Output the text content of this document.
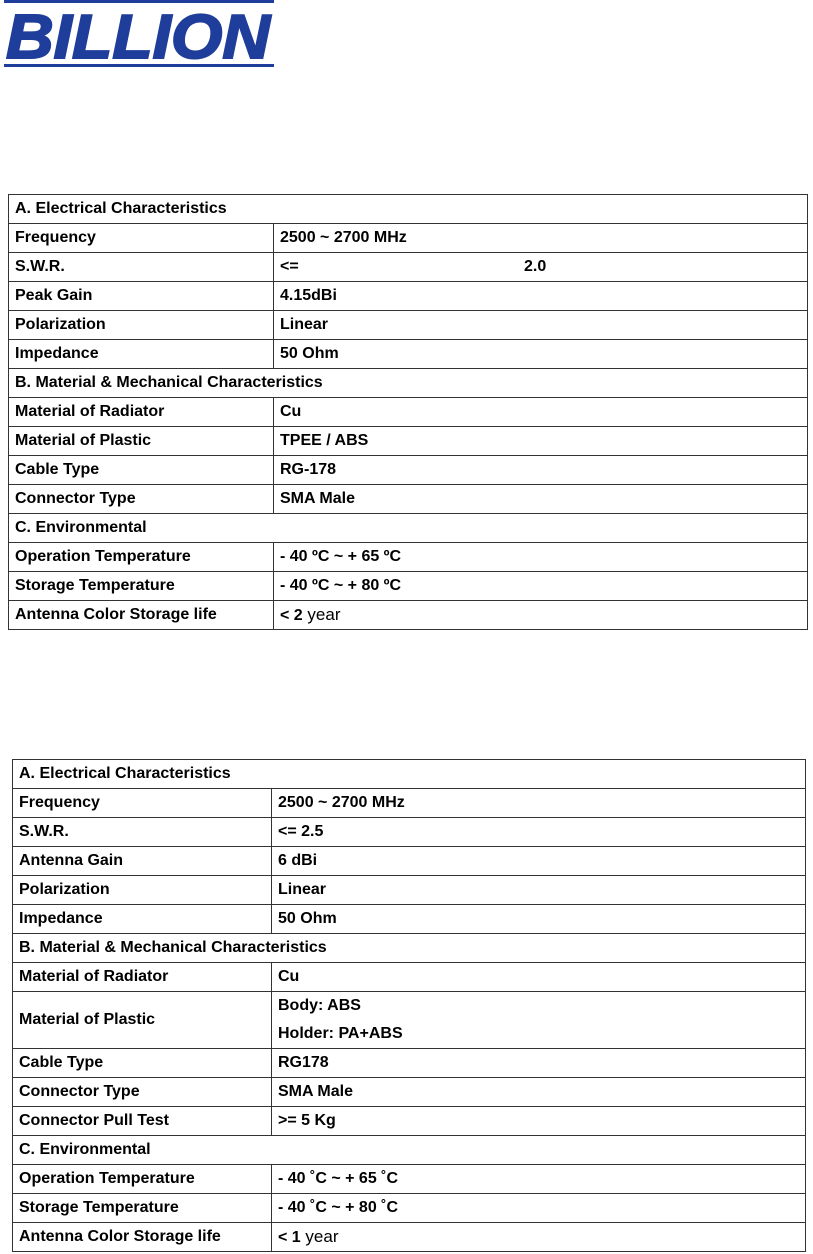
BILLION
A. Electrical Characteristics	
Frequency	2500 ~ 2700 MHz
S.W.R.	<= 2.0

Peak Gain	4.15dBi
Polarization	Linear
Impedance	50 Ohm
B. Material & Mechanical Characteristics	
Material of Radiator	Cu
Material of Plastic	TPEE / ABS
Cable Type	RG-178
Connector Type	SMA Male
C. Environmental	
Operation Temperature	- 40 ºC ~ + 65 ºC
Storage Temperature	- 40 ºC ~ + 80 ºC
Antenna Color Storage life	< 2 year
A. Electrical Characteristics	
Frequency	2500 ~ 2700 MHz
S.W.R.	<= 2.5
Antenna Gain	6 dBi
Polarization	Linear
Impedance	50 Ohm
B. Material & Mechanical Characteristics	
Material of Radiator	Cu

Material of Plastic	Body: ABS
Holder: PA+ABS

Cable Type	RG178
Connector Type	SMA Male
Connector Pull Test	>= 5 Kg
C. Environmental	
Operation Temperature	- 40 ˚C ~ + 65 ˚C
Storage Temperature	- 40 ˚C ~ + 80 ˚C
Antenna Color Storage life	< 1 year
